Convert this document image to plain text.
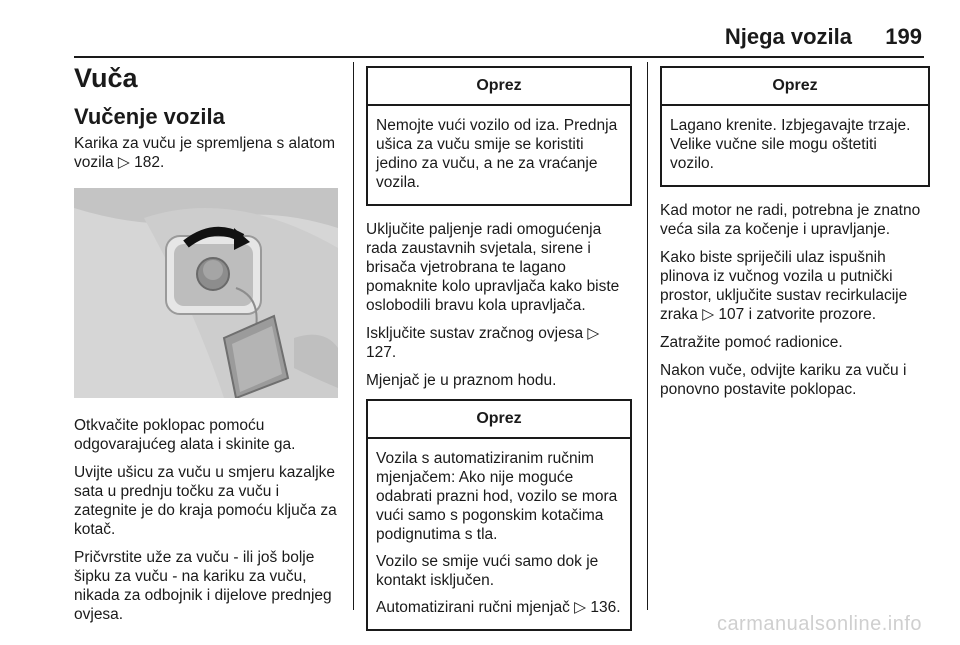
Njega vozila 199
Vuča
Vučenje vozila

Karika za vuču je spremljena s alatom vozila ▷ 182.

Otkvačite poklopac pomoću odgovarajućeg alata i skinite ga.

Uvijte ušicu za vuču u smjeru kazaljke sata u prednju točku za vuču i zategnite je do kraja pomoću ključa za kotač.

Pričvrstite uže za vuču - ili još bolje šipku za vuču - na kariku za vuču, nikada za odbojnik i dijelove prednjeg ovjesa.

Oprez

Nemojte vući vozilo od iza. Prednja ušica za vuču smije se koristiti jedino za vuču, a ne za vraćanje vozila.

Uključite paljenje radi omogućenja rada zaustavnih svjetala, sirene i brisača vjetrobrana te lagano pomaknite kolo upravljača kako biste oslobodili bravu kola upravljača.

Isključite sustav zračnog ovjesa ▷ 127.

Mjenjač je u praznom hodu.

Oprez

Vozila s automatiziranim ručnim mjenjačem: Ako nije moguće odabrati prazni hod, vozilo se mora vući samo s pogonskim kotačima podignutima s tla.

Vozilo se smije vući samo dok je kontakt isključen.

Automatizirani ručni mjenjač ▷ 136.

Oprez

Lagano krenite. Izbjegavajte trzaje. Velike vučne sile mogu oštetiti vozilo.

Kad motor ne radi, potrebna je znatno veća sila za kočenje i upravljanje.

Kako biste spriječili ulaz ispušnih plinova iz vučnog vozila u putnički prostor, uključite sustav recirkulacije zraka ▷ 107 i zatvorite prozore.

Zatražite pomoć radionice.

Nakon vuče, odvijte kariku za vuču i ponovno postavite poklopac.

carmanualsonline.info
